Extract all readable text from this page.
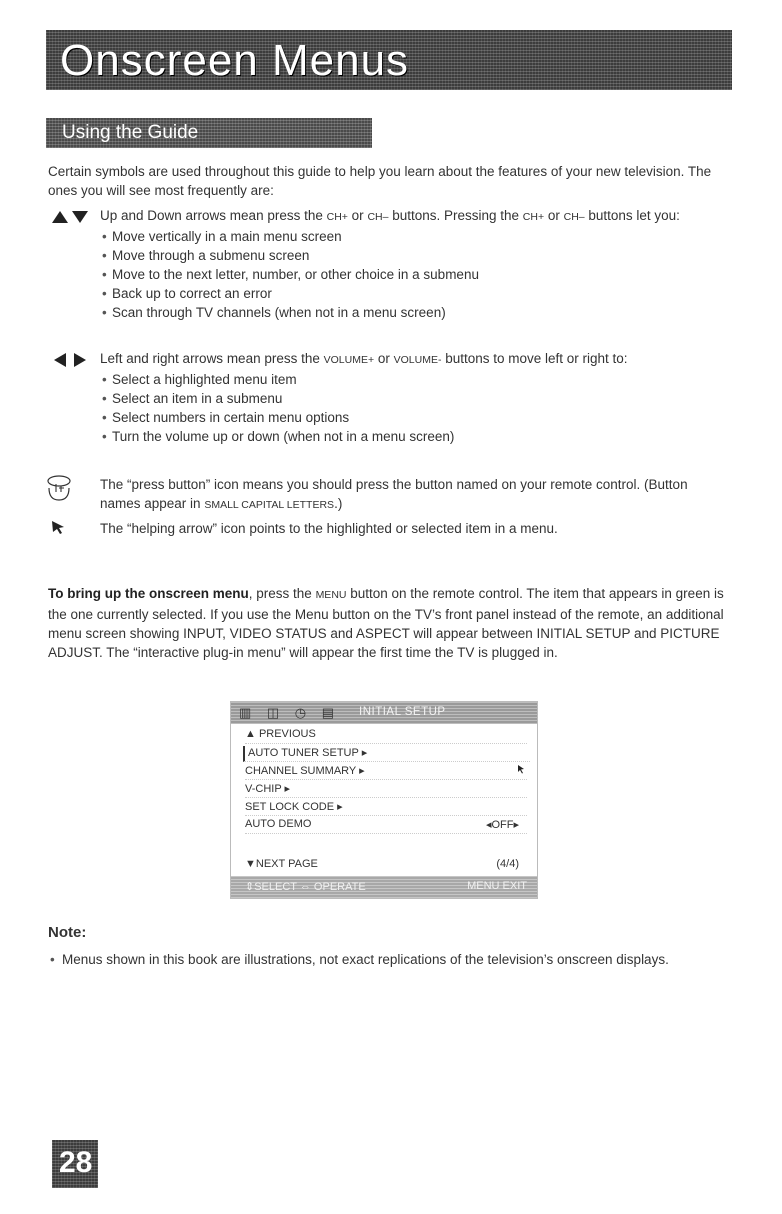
Onscreen Menus
Using the Guide
Certain symbols are used throughout this guide to help you learn about the features of your new television. The ones you will see most frequently are:
Up and Down arrows mean press the CH+ or CH– buttons. Pressing the CH+ or CH– buttons let you:
• Move vertically in a main menu screen
• Move through a submenu screen
• Move to the next letter, number, or other choice in a submenu
• Back up to correct an error
• Scan through TV channels (when not in a menu screen)
Left and right arrows mean press the VOLUME+ or VOLUME- buttons to move left or right to:
• Select a highlighted menu item
• Select an item in a submenu
• Select numbers in certain menu options
• Turn the volume up or down (when not in a menu screen)
The “press button” icon means you should press the button named on your remote control. (Button names appear in SMALL CAPITAL LETTERS.)
The “helping arrow” icon points to the highlighted or selected item in a menu.
To bring up the onscreen menu, press the MENU button on the remote control. The item that appears in green is the one currently selected. If you use the Menu button on the TV’s front panel instead of the remote, an additional menu screen showing INPUT, VIDEO STATUS and ASPECT will appear between INITIAL SETUP and PICTURE ADJUST. The “interactive plug-in menu” will appear the first time the TV is plugged in.
▥ ◫ ◷ ▤ INITIAL SETUP
▲ PREVIOUS
AUTO TUNER SETUP ▸
CHANNEL SUMMARY ▸
V-CHIP ▸
SET LOCK CODE ▸
AUTO DEMO	◂OFF▸
▼NEXT PAGE	(4/4)
⇕SELECT ⇔ OPERATE	MENU EXIT
Note:
• Menus shown in this book are illustrations, not exact replications of the television’s onscreen displays.
28
